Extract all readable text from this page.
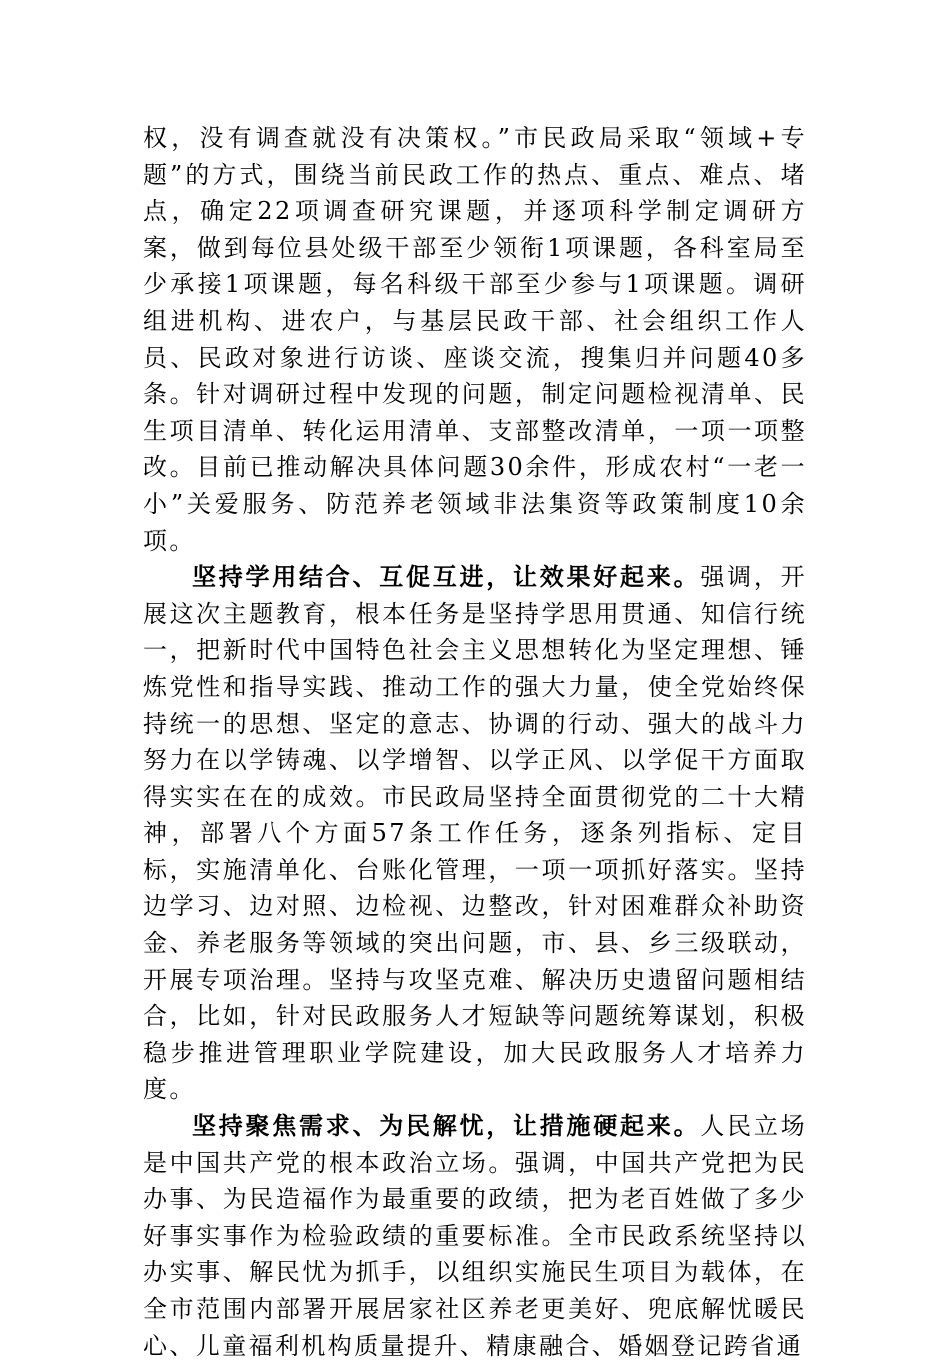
权，没有调查就没有决策权。”市民政局采取“领域+专题”的方式，围绕当前民政工作的热点、重点、难点、堵点，确定22项调查研究课题，并逐项科学制定调研方案，做到每位县处级干部至少领衔1项课题，各科室局至少承接1项课题，每名科级干部至少参与1项课题。调研组进机构、进农户，与基层民政干部、社会组织工作人员、民政对象进行访谈、座谈交流，搜集归并问题40多条。针对调研过程中发现的问题，制定问题检视清单、民生项目清单、转化运用清单、支部整改清单，一项一项整改。目前已推动解决具体问题30余件，形成农村“一老一小”关爱服务、防范养老领域非法集资等政策制度10余项。

坚持学用结合、互促互进，让效果好起来。强调，开展这次主题教育，根本任务是坚持学思用贯通、知信行统一，把新时代中国特色社会主义思想转化为坚定理想、锤炼党性和指导实践、推动工作的强大力量，使全党始终保持统一的思想、坚定的意志、协调的行动、强大的战斗力努力在以学铸魂、以学增智、以学正风、以学促干方面取得实实在在的成效。市民政局坚持全面贯彻党的二十大精神，部署八个方面57条工作任务，逐条列指标、定目标，实施清单化、台账化管理，一项一项抓好落实。坚持边学习、边对照、边检视、边整改，针对困难群众补助资金、养老服务等领域的突出问题，市、县、乡三级联动，开展专项治理。坚持与攻坚克难、解决历史遗留问题相结合，比如，针对民政服务人才短缺等问题统筹谋划，积极稳步推进管理职业学院建设，加大民政服务人才培养力度。

坚持聚焦需求、为民解忧，让措施硬起来。人民立场是中国共产党的根本政治立场。强调，中国共产党把为民办事、为民造福作为最重要的政绩，把为老百姓做了多少好事实事作为检验政绩的重要标准。全市民政系统坚持以办实事、解民忧为抓手，以组织实施民生项目为载体，在全市范围内部署开展居家社区养老更美好、兜底解忧暖民心、儿童福利机构质量提升、精康融合、婚姻登记跨省通
